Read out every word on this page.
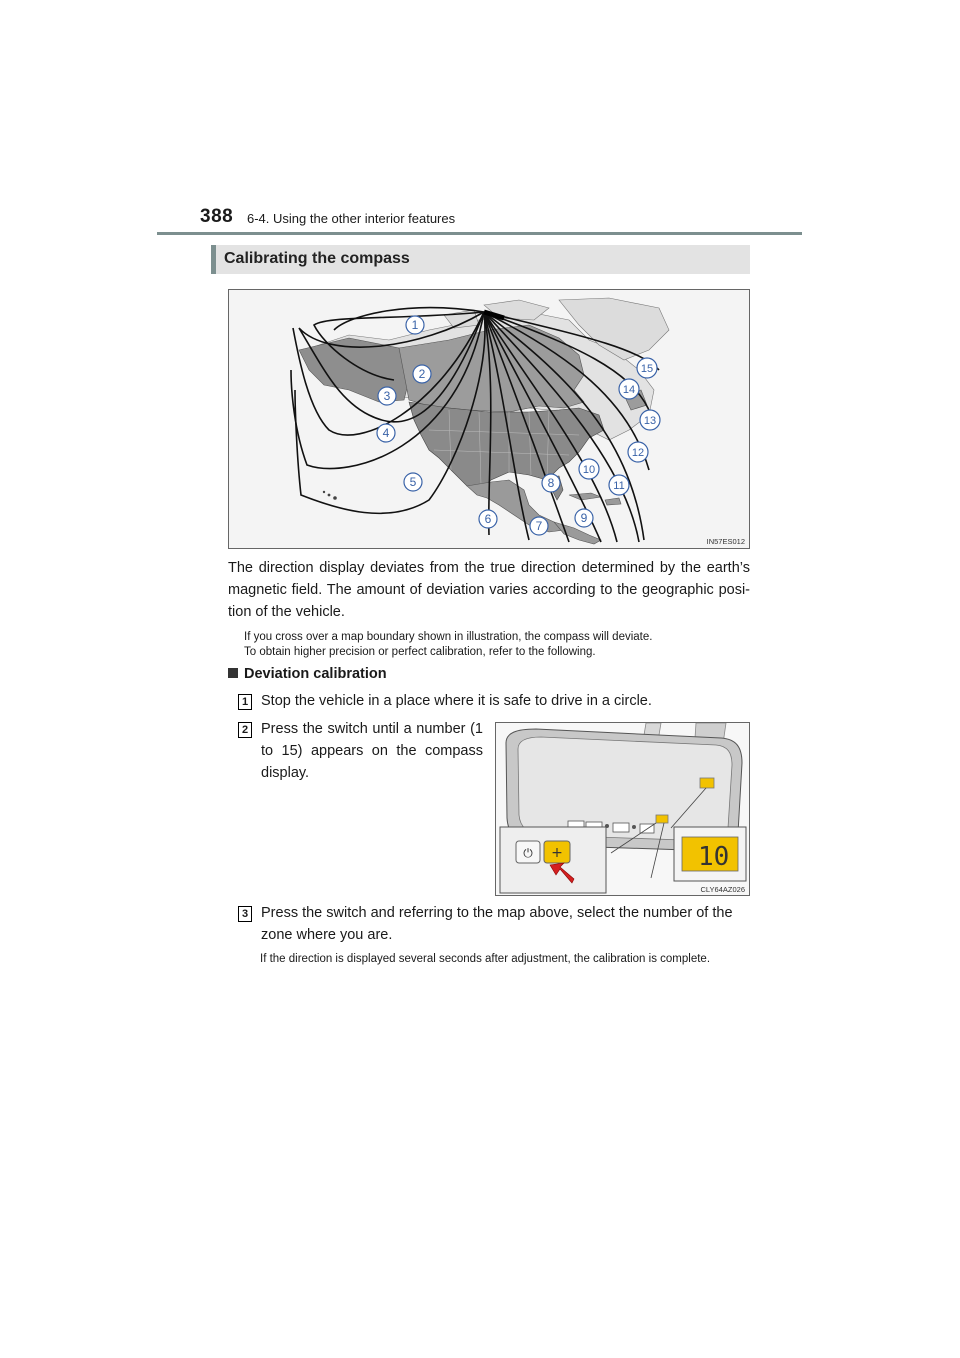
388 6-4. Using the other interior features
Calibrating the compass
1
2
3
4
5
6	7
8
9
10
11
12
13
14
15
IN57ES012
The direction display deviates from the true direction determined by the earth’s magnetic field. The amount of deviation varies according to the geographic posi-tion of the vehicle.
If you cross over a map boundary shown in illustration, the compass will deviate.
To obtain higher precision or perfect calibration, refer to the following.
Deviation calibration
1 Stop the vehicle in a place where it is safe to drive in a circle.
2 Press the switch until a number (1 to 15) appears on the compass display.
⏻ +	10
CLY64AZ026
3 Press the switch and referring to the map above, select the number of the zone where you are.
If the direction is displayed several seconds after adjustment, the calibration is complete.
